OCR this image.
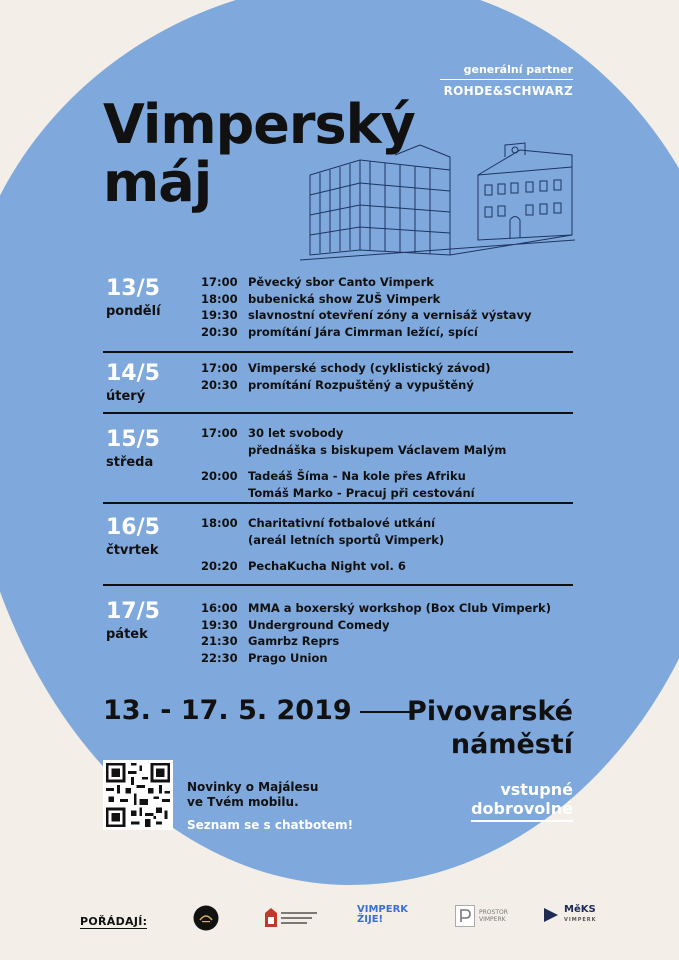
generální partner
ROHDE&SCHWARZ
Vimperský
máj
13/5
pondělí
17:00 Pěvecký sbor Canto Vimperk
18:00 bubenická show ZUŠ Vimperk
19:30 slavnostní otevření zóny a vernisáž výstavy
20:30 promítání Jára Cimrman ležící, spící
14/5
úterý
17:00 Vimperské schody (cyklistický závod)
20:30 promítání Rozpuštěný a vypuštěný
15/5
středa
17:00 30 let svobody
přednáška s biskupem Václavem Malým
20:00 Tadeáš Šíma - Na kole přes Afriku
Tomáš Marko - Pracuj při cestování
16/5
čtvrtek
18:00 Charitativní fotbalové utkání
(areál letních sportů Vimperk)
20:20 PechaKucha Night vol. 6
17/5
pátek
16:00 MMA a boxerský workshop (Box Club Vimperk)
19:30 Underground Comedy
21:30 Gamrbz Reprs
22:30 Prago Union

13. - 17. 5. 2019	Pivovarské
náměstí

Novinky o Majálesu
ve Tvém mobilu.
Seznam se s chatbotem!
vstupné
dobrovolné
POŘÁDAJÍ:
VIMPERK
ŽIJE!
PROSTOR
VIMPERK
MěKS
VIMPERK
